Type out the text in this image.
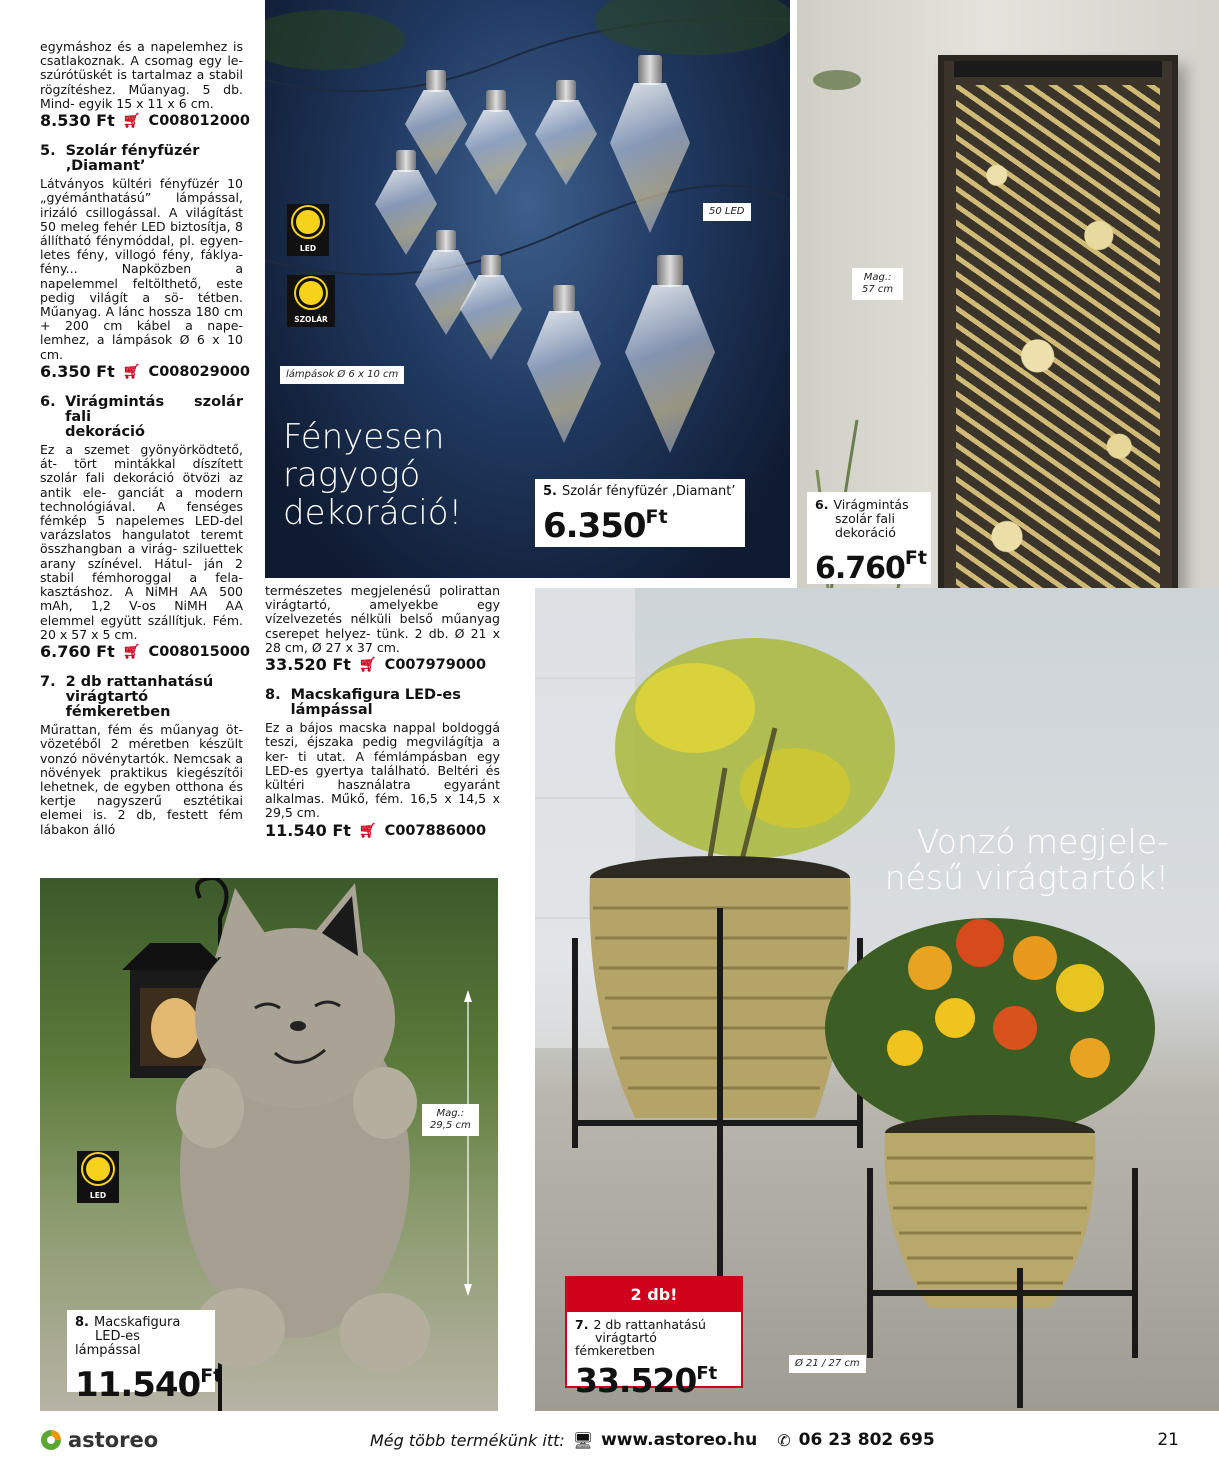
egymáshoz és a napelemhez is csatlakoznak. A csomag egy le- szúrótüskét is tartalmaz a stabil rögzítéshez. Műanyag. 5 db. Mind- egyik 15 x 11 x 6 cm.

8.530 Ft 🛒︎ C008012000
5. Szolár fényfüzér
‚Diamant’

Látványos kültéri fényfüzér 10 „gyémánthatású” lámpással, irizáló csillogással. A világítást 50 meleg fehér LED biztosítja, 8 állítható fénymóddal, pl. egyen- letes fény, villogó fény, fáklya- fény... Napközben a napelemmel feltölthető, este pedig világít a sö- tétben. Műanyag. A lánc hossza 180 cm + 200 cm kábel a nape- lemhez, a lámpások Ø 6 x 10 cm.

6.350 Ft 🛒︎ C008029000
6. Virágmintás szolár fali
dekoráció

Ez a szemet gyönyörködtető, át- tört mintákkal díszített szolár fali dekoráció ötvözi az antik ele- ganciát a modern technológiával. A fenséges fémkép 5 napelemes LED-del varázslatos hangulatot teremt összhangban a virág- sziluettek arany színével. Hátul- ján 2 stabil fémhoroggal a fela- kasztáshoz. A NiMH AA 500 mAh, 1,2 V-os NiMH AA elemmel együtt szállítjuk. Fém. 20 x 57 x 5 cm.

6.760 Ft 🛒︎ C008015000
7. 2 db rattanhatású
virágtartó
fémkeretben

Műrattan, fém és műanyag öt- vözetéből 2 méretben készült vonzó növénytartók. Nemcsak a növények praktikus kiegészítői lehetnek, de egyben otthona és kertje nagyszerű esztétikai elemei is. 2 db, festett fém lábakon álló

természetes megjelenésű polirattan virágtartó, amelyekbe egy vízelvezetés nélküli belső műanyag cserepet helyez- tünk. 2 db. Ø 21 x 28 cm, Ø 27 x 37 cm.

33.520 Ft 🛒︎ C007979000
8. Macskafigura LED-es
lámpással

Ez a bájos macska nappal boldoggá teszi, éjszaka pedig megvilágítja a ker- ti utat. A fémlámpásban egy LED-es gyertya található. Beltéri és kültéri használatra egyaránt alkalmas. Műkő, fém. 16,5 x 14,5 x 29,5 cm.

11.540 Ft 🛒︎ C007886000
LED
SZOLÁR
50 LED
lámpások Ø 6 x 10 cm
Fényesen
ragyogó
dekoráció!
5. Szolár fényfüzér ‚Diamant’
$6.350^{Ft}$
Mag.:
57 cm
6. Virágmintás
szolár fali
dekoráció
$6.760^{Ft}$
LED
Mag.:
29,5 cm
8. Macskafigura
LED-es lámpással
$11.540^{Ft}$
Vonzó megjele-
nésű virágtartók!
2 db!
7. 2 db rattanhatású
virágtartó fémkeretben
$33.520^{Ft}$	Ø 21 / 27 cm
astoreo	Még több termékünk itt: 🖥︎ www.astoreo.hu ✆ 06 23 802 695	21
